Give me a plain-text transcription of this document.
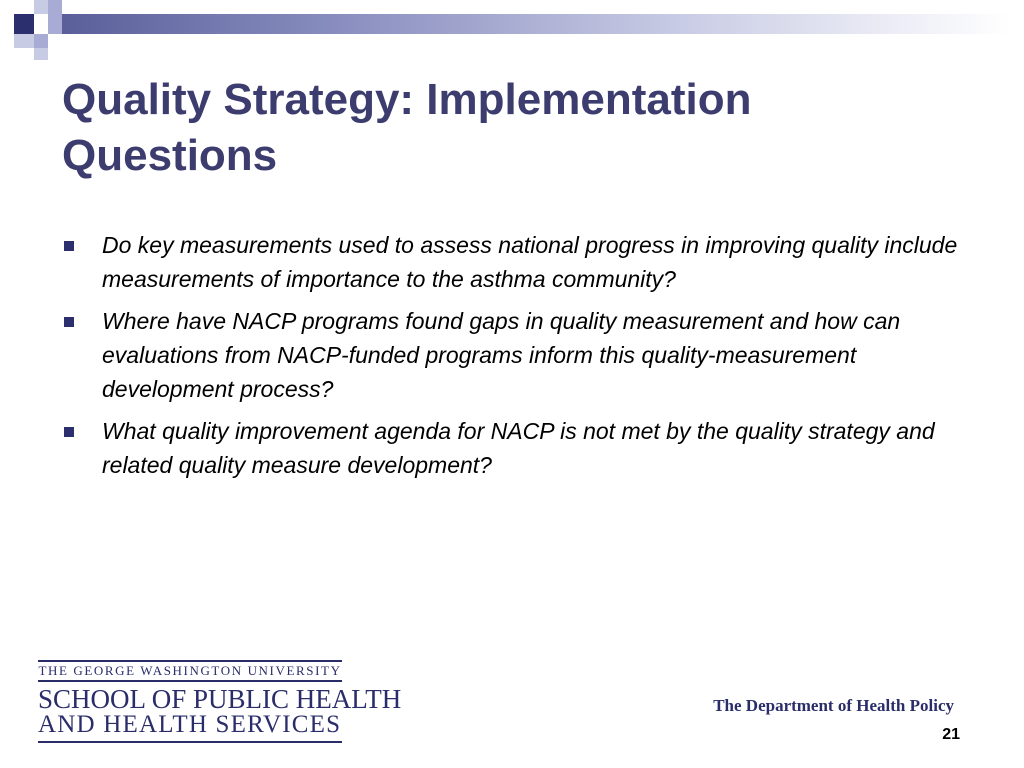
Quality Strategy: Implementation Questions
Do key measurements used to assess national progress in improving quality include measurements of importance to the asthma community?
Where have NACP programs found gaps in quality measurement and how can evaluations from NACP-funded programs inform this quality-measurement development process?
What quality improvement agenda for NACP is not met by the quality strategy and related quality measure development?
THE GEORGE WASHINGTON UNIVERSITY
SCHOOL OF PUBLIC HEALTH
AND HEALTH SERVICES
The Department of Health Policy
21
